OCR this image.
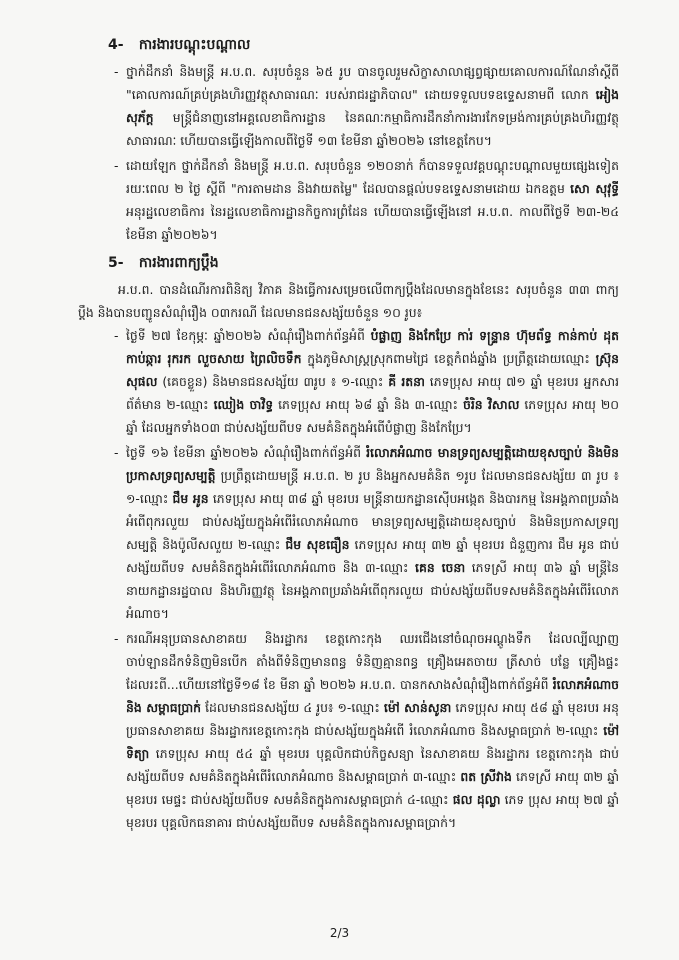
4- ការងារបណ្តុះបណ្តាល
- ថ្នាក់ដឹកនាំ និងមន្ត្រី អ.ប.ព. សរុបចំនួន ៦៥ រូប បានចូលរួមសិក្ខាសាលាផ្សព្វផ្សាយគោលការណ៍ណែនាំស្តីពី "គោលការណ៍គ្រប់គ្រងហិរញ្ញវត្ថុសាធារណៈ របស់រាជរដ្ឋាភិបាល" ដោយទទួលបទឧទ្ទេសនាមពី លោក អៀង សុភ័ក្ត មន្ត្រីជំនាញនៅអគ្គលេខាធិការដ្ឋាន នៃគណៈកម្មាធិការដឹកនាំការងារកែទម្រង់ការគ្រប់គ្រងហិរញ្ញវត្ថុសាធារណៈ ហើយបានធ្វើឡើងកាលពីថ្ងៃទី ១៣ ខែមីនា ឆ្នាំ២០២៦ នៅខេត្តកែប។
- ដោយឡែក ថ្នាក់ដឹកនាំ និងមន្ត្រី អ.ប.ព. សរុបចំនួន ១២០នាក់ ក៏បានទទួលវគ្គបណ្តុះបណ្តាលមួយផ្សេងទៀត រយៈពេល ២ ថ្ងៃ ស្តីពី "ការតាមដាន និងវាយតម្លៃ" ដែលបានផ្តល់បទឧទ្ទេសនាមដោយ ឯកឧត្តម សោ សុវុទ្ធី អនុរដ្ឋលេខាធិការ នៃរដ្ឋលេខាធិការដ្ឋានកិច្ចការព្រំដែន ហើយបានធ្វើឡើងនៅ អ.ប.ព. កាលពីថ្ងៃទី ២៣-២៤ ខែមីនា ឆ្នាំ២០២៦។
5- ការងារពាក្យប្តឹង

អ.ប.ព. បានដំណើរការពិនិត្យ វិភាគ និងធ្វើការសម្រេចលើពាក្យប្តឹងដែលមានក្នុងខែនេះ សរុបចំនួន ៣៣ ពាក្យប្តឹង និងបានបញ្ជូនសំណុំរឿង ០៣ករណី ដែលមានជនសង្ស័យចំនួន ១០ រូប៖

- ថ្ងៃទី ២៧ ខែកុម្ភៈ ឆ្នាំ២០២៦ សំណុំរឿងពាក់ព័ន្ធអំពី បំផ្លាញ និងកែប្រែ ការ់ ទន្ទ្រាន ហ៊ុមព័ទ្ធ កាន់កាប់ ដុត កាប់ឆ្ការ រុករក លួចសាយ ព្រៃលិចទឹក ក្នុងភូមិសាស្ត្រស្រុកពាមជ្រៃ ខេត្តកំពង់ឆ្នាំង ប្រព្រឹត្តដោយឈ្មោះ ស្រ៊ុន សុផល (គេចខ្លួន) និងមានជនសង្ស័យ ៣រូប ៖ ១-ឈ្មោះ គី រតនា ភេទប្រុស អាយុ ៧១ ឆ្នាំ មុខរបរ អ្នកសារព័ត៌មាន ២-ឈ្មោះ ឈៀង ចាវិទ្ធ ភេទប្រុស អាយុ ៦៨ ឆ្នាំ និង ៣-ឈ្មោះ ចំរិន វិសាល ភេទប្រុស អាយុ ២០ ឆ្នាំ ដែលអ្នកទាំង០៣ ជាប់សង្ស័យពីបទ សមគំនិតក្នុងអំពើបំផ្លាញ និងកែប្រែ។
- ថ្ងៃទី ១៦ ខែមីនា ឆ្នាំ២០២៦ សំណុំរឿងពាក់ព័ន្ធអំពី រំលោភអំណាច មានទ្រព្យសម្បត្តិដោយខុសច្បាប់ និងមិនប្រកាសទ្រព្យសម្បត្តិ ប្រព្រឹត្តដោយមន្ត្រី អ.ប.ព. ២ រូប និងអ្នកសមគំនិត ១រូប ដែលមានជនសង្ស័យ ៣ រូប ៖ ១-ឈ្មោះ ជឹម អូន ភេទប្រុស អាយុ ៣៨ ឆ្នាំ មុខរបរ មន្ត្រីនាយកដ្ឋានស៊ើបអង្កេត និងបារកម្ម នៃអង្គភាពប្រឆាំងអំពើពុករលួយ ជាប់សង្ស័យក្នុងអំពើរំលោភអំណាច មានទ្រព្យសម្បត្តិដោយខុសច្បាប់ និងមិនប្រកាសទ្រព្យសម្បត្តិ និងប៉ូលីសលួយ ២-ឈ្មោះ ជឹម សុខធឿន ភេទប្រុស អាយុ ៣២ ឆ្នាំ មុខរបរ ជំនួញការ ជឹម អូន ជាប់សង្ស័យពីបទ សមគំនិតក្នុងអំពើរំលោភអំណាច និង ៣-ឈ្មោះ គេន ចេនា ភេទស្រី អាយុ ៣៦ ឆ្នាំ មន្ត្រីនៃនាយកដ្ឋានរដ្ឋបាល និងហិរញ្ញវត្ថុ នៃអង្គភាពប្រឆាំងអំពើពុករលួយ ជាប់សង្ស័យពីបទសមគំនិតក្នុងអំពើរំលោភអំណាច។
- ករណីអនុប្រធានសាខាគយ និងរដ្ឋាករ ខេត្តកោះកុង ឈរជើងនៅចំណុចអណ្តូងទឹក ដែលល្បីល្បាញ ចាប់ឡានដឹកទំនិញមិនបើក តាំងពីទំនិញមានពន្ធ ទំនិញគ្មានពន្ធ គ្រឿងអេតចាយ ត្រីសាច់ បន្លែ គ្រឿងផ្ទះដែលរះពី...ហើយនៅថ្ងៃទី១៨ ខែ មីនា ឆ្នាំ ២០២៦ អ.ប.ព. បានកសាងសំណុំរឿងពាក់ព័ន្ធអំពី រំលោភអំណាច និង សម្ពាធប្រាក់ ដែលមានជនសង្ស័យ ៤ រូប៖ ១-ឈ្មោះ ម៉ៅ សាន់សូនា ភេទប្រុស អាយុ ៥៨ ឆ្នាំ មុខរបរ អនុប្រធានសាខាគយ និងរដ្ឋាករខេត្តកោះកុង ជាប់សង្ស័យក្នុងអំពើ រំលោភអំណាច និងសម្ពាធប្រាក់ ២-ឈ្មោះ ម៉ៅ ទិត្យា ភេទប្រុស អាយុ ៥៤ ឆ្នាំ មុខរបរ បុគ្គលិកជាប់កិច្ចសន្យា នៃសាខាគយ និងរដ្ឋាករ ខេត្តកោះកុង ជាប់សង្ស័យពីបទ សមគំនិតក្នុងអំពើរំលោភអំណាច និងសម្ពាធប្រាក់ ៣-ឈ្មោះ ពត ស្រីវាង ភេទស្រី អាយុ ៣២ ឆ្នាំ មុខរបរ មេផ្ទះ ជាប់សង្ស័យពីបទ សមគំនិតក្នុងការសម្ពាធប្រាក់ ៤-ឈ្មោះ ផល ដុល្លា ភេទ ប្រុស អាយុ ២៧ ឆ្នាំ មុខរបរ បុគ្គលិកធនាគារ ជាប់សង្ស័យពីបទ សមគំនិតក្នុងការសម្ពាធប្រាក់។
2/3
